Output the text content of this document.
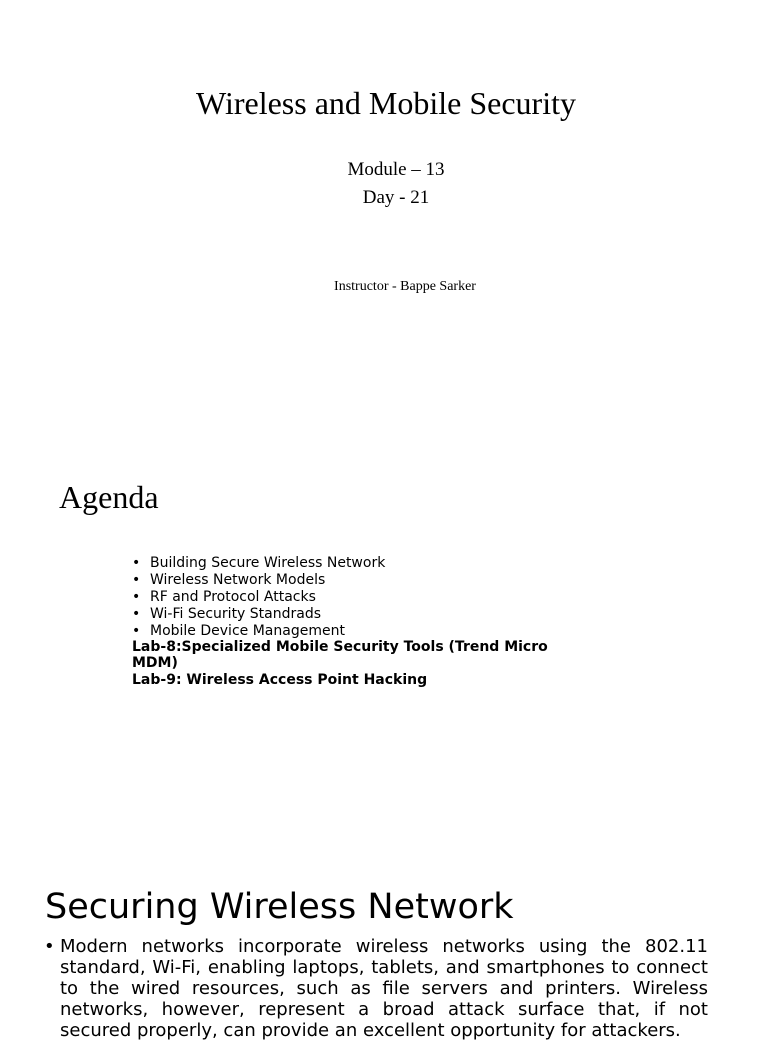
Wireless and Mobile Security
Module – 13
Day - 21
Instructor - Bappe Sarker
Agenda
• Building Secure Wireless Network
• Wireless Network Models
• RF and Protocol Attacks
• Wi-Fi Security Standrads
• Mobile Device Management
Lab-8:Specialized Mobile Security Tools (Trend Micro MDM)
Lab-9: Wireless Access Point Hacking
Securing Wireless Network
• Modern networks incorporate wireless networks using the 802.11 standard, Wi-Fi, enabling laptops, tablets, and smartphones to connect to the wired resources, such as file servers and printers. Wireless networks, however, represent a broad attack surface that, if not secured properly, can provide an excellent opportunity for attackers.
